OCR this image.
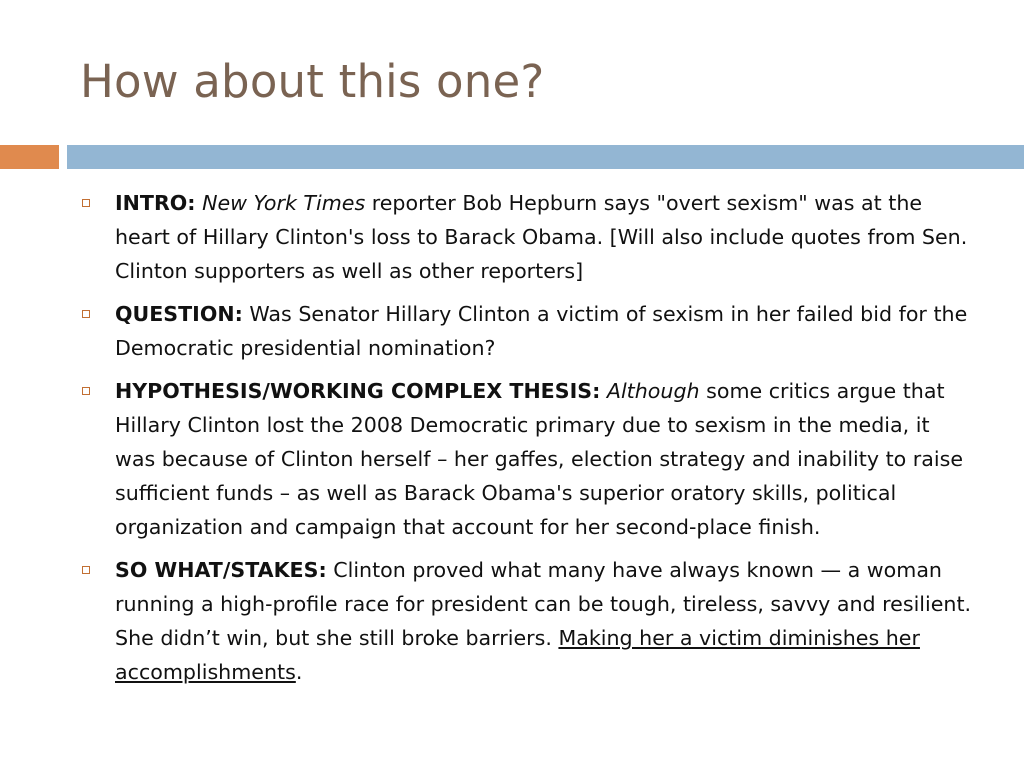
How about this one?
INTRO: New York Times reporter Bob Hepburn says "overt sexism" was at the heart of Hillary Clinton's loss to Barack Obama. [Will also include quotes from Sen. Clinton supporters as well as other reporters]
QUESTION: Was Senator Hillary Clinton a victim of sexism in her failed bid for the Democratic presidential nomination?
HYPOTHESIS/WORKING COMPLEX THESIS: Although some critics argue that Hillary Clinton lost the 2008 Democratic primary due to sexism in the media, it was because of Clinton herself – her gaffes, election strategy and inability to raise sufficient funds – as well as Barack Obama's superior oratory skills, political organization and campaign that account for her second-place finish.
SO WHAT/STAKES: Clinton proved what many have always known — a woman running a high-profile race for president can be tough, tireless, savvy and resilient. She didn’t win, but she still broke barriers. Making her a victim diminishes her accomplishments.
